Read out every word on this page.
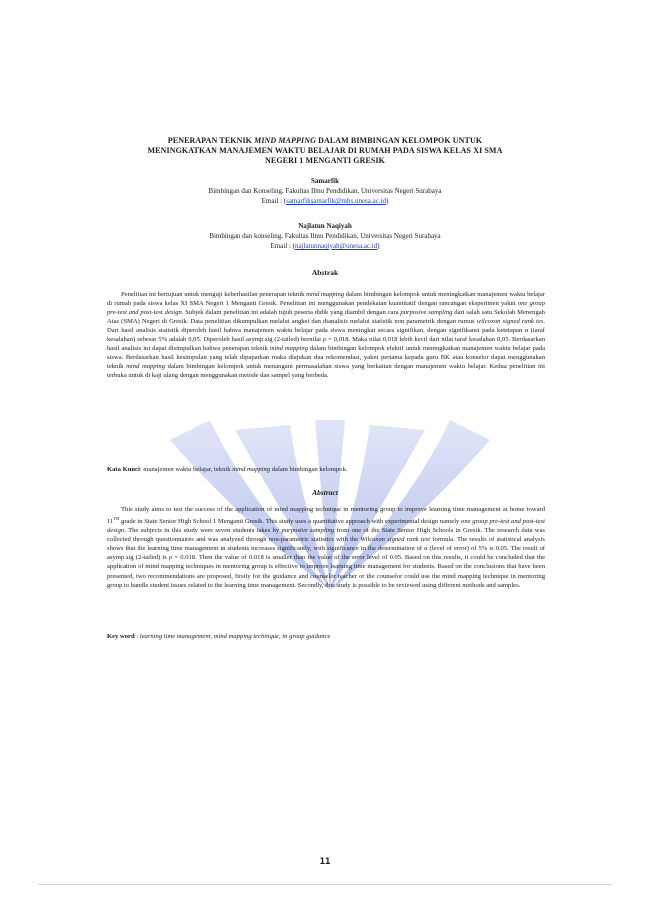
PENERAPAN TEKNIK MIND MAPPING DALAM BIMBINGAN KELOMPOK UNTUK
MENINGKATKAN MANAJEMEN WAKTU BELAJAR DI RUMAH PADA SISWA KELAS XI SMA
NEGERI 1 MENGANTI GRESIK
Samarfik
Bimbingan dan Konseling, Fakultas Ilmu Pendidikan, Universitas Negeri Surabaya
Email : (samarfiksamarfik@mhs.unesa.ac.id)
Najlatun Naqiyah
Bimbingan dan konseling, Fakultas Ilmu Pendidikan, Universitas Negeri Surabaya
Email : (najlatunnaqiyah@unesa.ac.id)
Abstrak
Penelitian ini bertujuan untuk menguji keberhasilan penerapan teknik mind mapping dalam bimbingan kelompok untuk meningkatkan manajemen waktu belajar di rumah pada siswa kelas XI SMA Negeri 1 Menganti Gresik. Penelitian ini menggunakan pendekatan kuantitatif dengan rancangan eksperimen yakni one group pre-test and post-test design. Subjek dalam penelitian ini adalah tujuh peserta didik yang diambil dengan cara purposive sampling dari salah satu Sekolah Menengah Atas (SMA) Negeri di Gresik. Data penelitian dikumpulkan melalui angket dan dianalisis melalui statistik non parametrik dengan rumus wilcoxon signed rank tes. Dari hasil analisis statistik diperoleh hasil bahwa manajemen waktu belajar pada siswa meningkat secara signifikan, dengan signifikansi pada ketetapan α (taraf kesalahan) sebesar 5% adalah 0,05. Diperoleh hasil asymp.sig (2-tailed) bernilai ρ = 0,018. Maka nilai 0,018 lebih kecil dari nilai taraf kesalahan 0,05. Berdasarkan hasil analisis ini dapat disimpulkan bahwa penerapan teknik mind mapping dalam bimbingan kelompok efektif untuk meningkatkan manajemen waktu belajar pada siswa. Berdasarkan hasil kesimpulan yang telah dipaparkan maka diajukan dua rekomendasi, yakni pertama kepada guru BK atau konselor dapat menggunakan teknik mind mapping dalam bimbingan kelompok untuk menangani permasalahan siswa yang berkaitan dengan manajemen waktu belajar. Kedua penelitian ini terbuka untuk di kaji ulang dengan menggunakan metode dan sampel yang berbeda.
Kata Kunci: manajemen waktu belajar, teknik mind mapping dalam bimbingan kelompok.
Abstract
This study aims to test the success of the application of mind mapping technique in mentoring group to improve learning time management at home toward 11TH grade in State Senior High School 1 Menganti Gresik. This study uses a quantitative approach with experimental design namely one group pre-test and post-test design. The subjects in this study were seven students takes by purposive sampling from one of the State Senior High Schools in Gresik. The research data was collected through questionnaires and was analyzed through non-parametric statistics with the Wilcoxon signed rank test formula. The results of statistical analysis shows that the learning time management in students increases significantly, with significance in the determination of α (level of error) of 5% is 0.05. The result of asymp.sig (2-tailed) is ρ = 0.018. Then the value of 0.018 is smaller than the value of the error level of 0.05. Based on this results, it could be concluded that the application of mind mapping techniques in mentoring group is effective to improve learning time management for students. Based on the conclusions that have been presented, two recommendations are proposed, firstly for the guidance and counselor teacher or the counselor could use the mind mapping technique in mentoring group to handle student issues related to the learning time management. Secondly, this study is possible to be reviewed using different methods and samples.
Key word : learning time management, mind mapping technique, in group guidance
11
